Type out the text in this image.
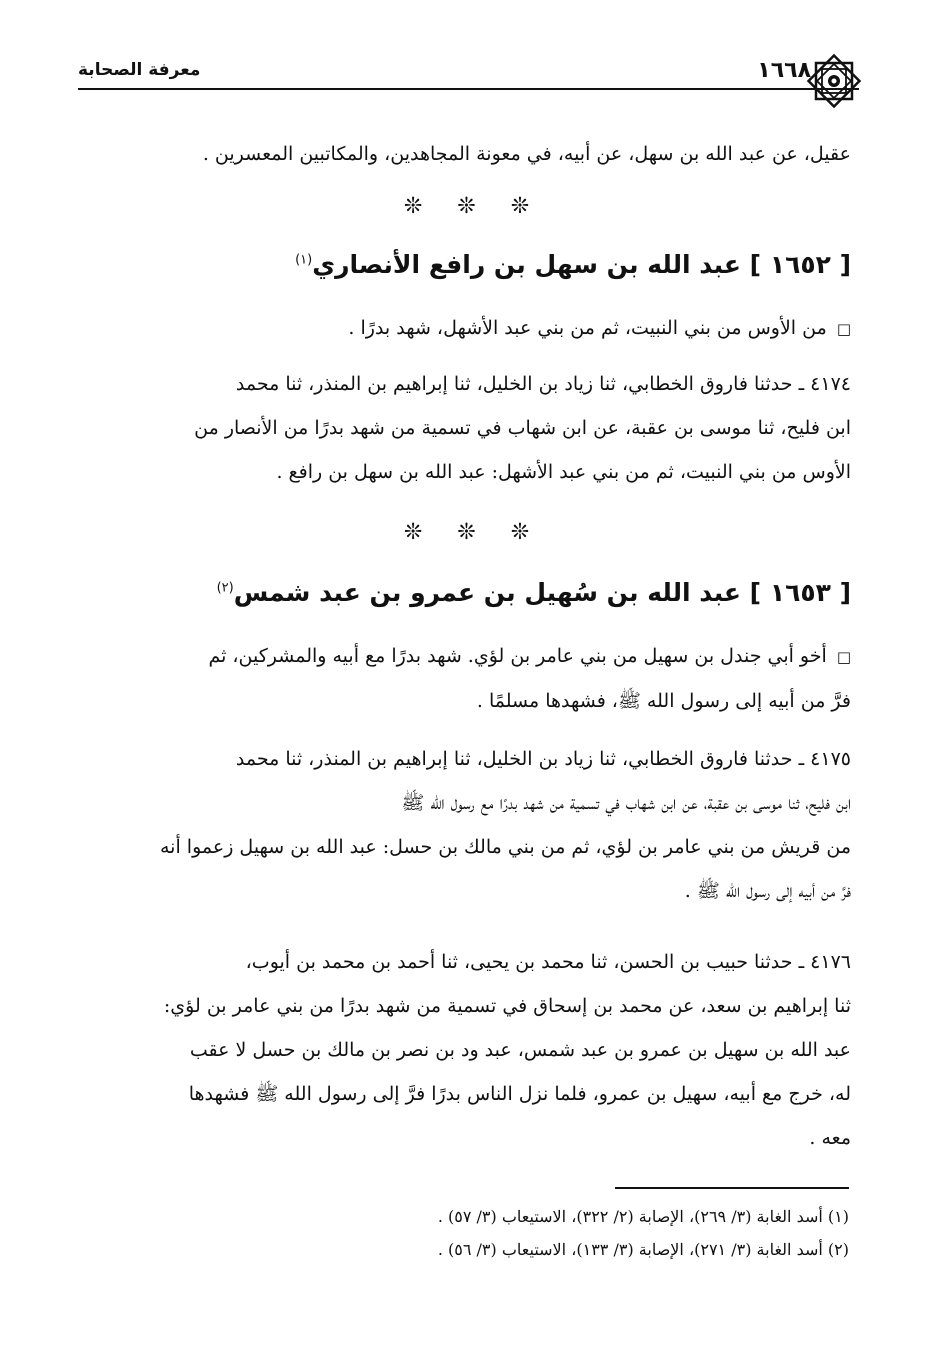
١٦٦٨
معرفة الصحابة
عقيل، عن عبد الله بن سهل، عن أبيه، في معونة المجاهدين، والمكاتبين المعسرين .
❊ ❊ ❊
[ ١٦٥٢ ] عبد الله بن سهل بن رافع الأنصاري$^{(١)}$
□ من الأوس من بني النبيت، ثم من بني عبد الأشهل، شهد بدرًا .
٤١٧٤ ـ حدثنا فاروق الخطابي، ثنا زياد بن الخليل، ثنا إبراهيم بن المنذر، ثنا محمد
ابن فليح، ثنا موسى بن عقبة، عن ابن شهاب في تسمية من شهد بدرًا من الأنصار من
الأوس من بني النبيت، ثم من بني عبد الأشهل: عبد الله بن سهل بن رافع .
❊ ❊ ❊
[ ١٦٥٣ ] عبد الله بن سُهيل بن عمرو بن عبد شمس$^{(٢)}$
□ أخو أبي جندل بن سهيل من بني عامر بن لؤي. شهد بدرًا مع أبيه والمشركين، ثم
فرَّ من أبيه إلى رسول الله ﷺ، فشهدها مسلمًا .
٤١٧٥ ـ حدثنا فاروق الخطابي، ثنا زياد بن الخليل، ثنا إبراهيم بن المنذر، ثنا محمد
ابن فليح، ثنا موسى بن عقبة، عن ابن شهاب في تسمية من شهد بدرًا مع رسول الله ﷺ
من قريش من بني عامر بن لؤي، ثم من بني مالك بن حسل: عبد الله بن سهيل زعموا أنه
فرَّ من أبيه إلى رسول الله ﷺ .
٤١٧٦ ـ حدثنا حبيب بن الحسن، ثنا محمد بن يحيى، ثنا أحمد بن محمد بن أيوب،
ثنا إبراهيم بن سعد، عن محمد بن إسحاق في تسمية من شهد بدرًا من بني عامر بن لؤي:
عبد الله بن سهيل بن عمرو بن عبد شمس، عبد ود بن نصر بن مالك بن حسل لا عقب
له، خرج مع أبيه، سهيل بن عمرو، فلما نزل الناس بدرًا فرَّ إلى رسول الله ﷺ فشهدها
معه .
(١) أسد الغابة (٣/ ٢٦٩)، الإصابة (٢/ ٣٢٢)، الاستيعاب (٣/ ٥٧) .
(٢) أسد الغابة (٣/ ٢٧١)، الإصابة (٣/ ١٣٣)، الاستيعاب (٣/ ٥٦) .
